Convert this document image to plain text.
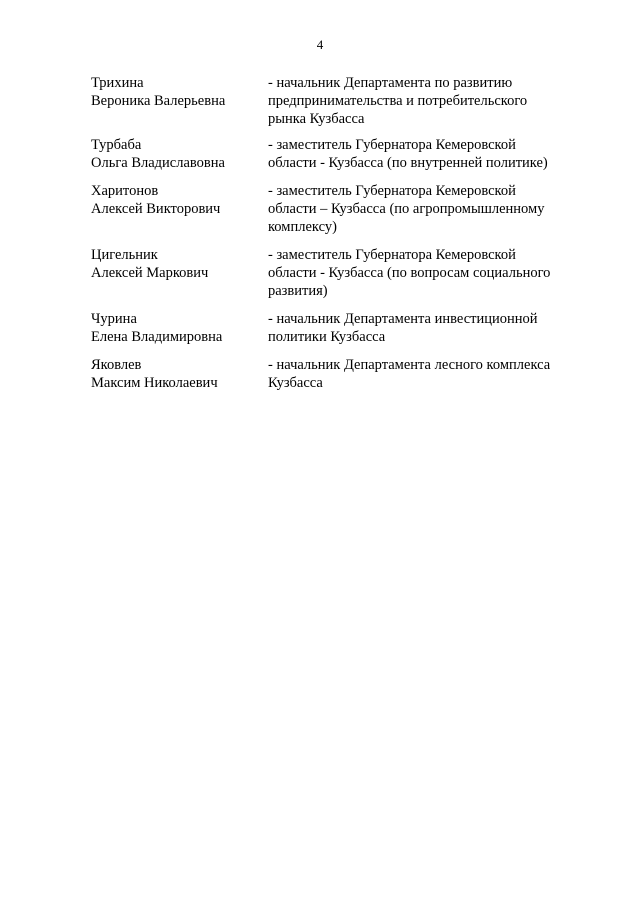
4
Трихина
Вероника Валерьевна
- начальник Департамента по развитию
предпринимательства и потребительского
рынка Кузбасса
Турбаба
Ольга Владиславовна
- заместитель Губернатора Кемеровской
области - Кузбасса (по внутренней политике)
Харитонов
Алексей Викторович
- заместитель Губернатора Кемеровской
области – Кузбасса (по агропромышленному
комплексу)
Цигельник
Алексей Маркович
- заместитель Губернатора Кемеровской
области - Кузбасса (по вопросам социального
развития)
Чурина
Елена Владимировна
- начальник Департамента инвестиционной
политики Кузбасса
Яковлев
Максим Николаевич
- начальник Департамента лесного комплекса
Кузбасса
